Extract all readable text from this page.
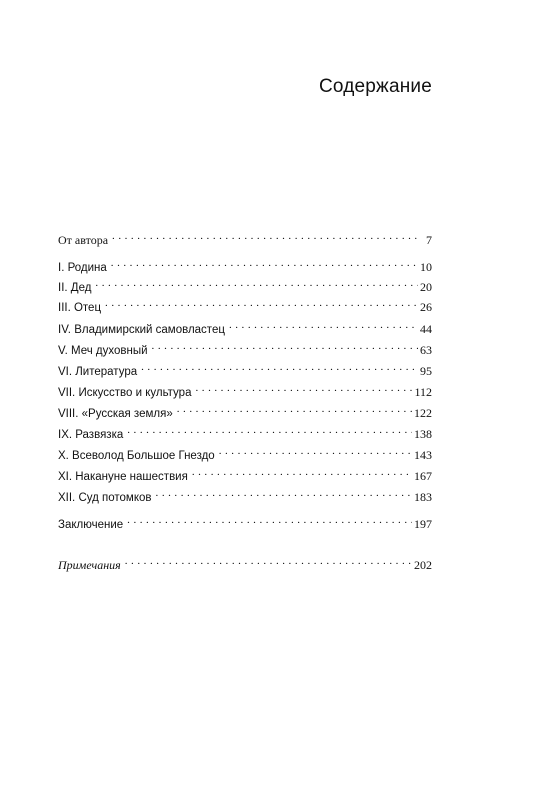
Содержание
От автора . . .	7
I. Родина . . .	10
II. Дед . . .	20
III. Отец . . .	26
IV. Владимирский самовластец . . .	44
V. Меч духовный . . .	63
VI. Литература . . .	95
VII. Искусство и культура . . .	112
VIII. «Русская земля» . . .	122
IX. Развязка . . .	138
X. Всеволод Большое Гнездо . . .	143
XI. Накануне нашествия . . .	167
XII. Суд потомков . . .	183
Заключение . . .	197
Примечания . . .	202
